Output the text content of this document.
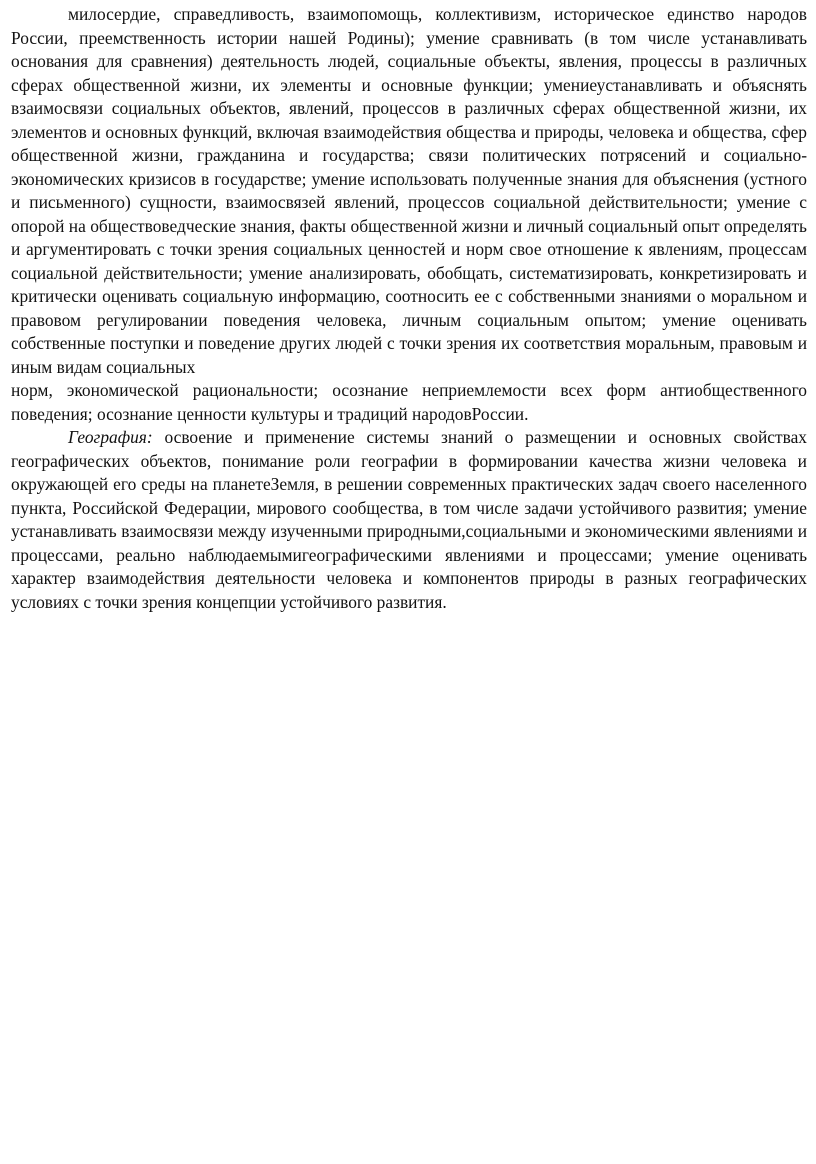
милосердие, справедливость, взаимопомощь, коллективизм, историческое единство народов России, преемственность истории нашей Родины); умение сравнивать (в том числе устанавливать основания для сравнения) деятельность людей, социальные объекты, явления, процессы в различных сферах общественной жизни, их элементы и основные функции; умениеустанавливать и объяснять взаимосвязи социальных объектов, явлений, процессов в различных сферах общественной жизни, их элементов и основных функций, включая взаимодействия общества и природы, человека и общества, сфер общественной жизни, гражданина и государства; связи политических потрясений и социально-экономических кризисов в государстве; умение использовать полученные знания для объяснения (устного и письменного) сущности, взаимосвязей явлений, процессов социальной действительности; умение с опорой на обществоведческие знания, факты общественной жизни и личный социальный опыт определять и аргументировать с точки зрения социальных ценностей и норм свое отношение к явлениям, процессам социальной действительности; умение анализировать, обобщать, систематизировать, конкретизировать и критически оценивать социальную информацию, соотносить ее с собственными знаниями о моральном и правовом регулировании поведения человека, личным социальным опытом; умение оценивать собственные поступки и поведение других людей с точки зрения их соответствия моральным, правовым и иным видам социальных

норм, экономической рациональности; осознание неприемлемости всех форм антиобщественного поведения; осознание ценности культуры и традиций народовРоссии.

География: освоение и применение системы знаний о размещении и основных свойствах географических объектов, понимание роли географии в формировании качества жизни человека и окружающей его среды на планетеЗемля, в решении современных практических задач своего населенного пункта, Российской Федерации, мирового сообщества, в том числе задачи устойчивого развития; умение устанавливать взаимосвязи между изученными природными,социальными и экономическими явлениями и процессами, реально наблюдаемымигеографическими явлениями и процессами; умение оценивать характер взаимодействия деятельности человека и компонентов природы в разных географических условиях с точки зрения концепции устойчивого развития.
